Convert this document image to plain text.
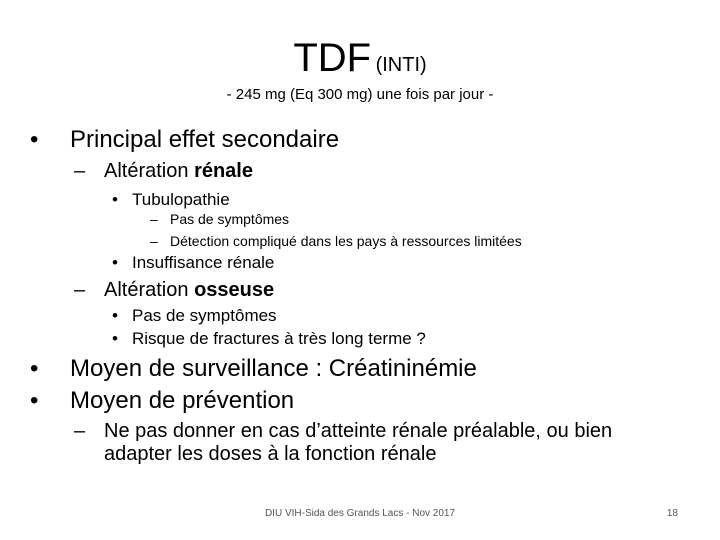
TDF (INTI)
- 245 mg (Eq 300 mg) une fois par jour -
• Principal effet secondaire
– Altération rénale
• Tubulopathie
– Pas de symptômes
– Détection compliqué dans les pays à ressources limitées
• Insuffisance rénale
– Altération osseuse
• Pas de symptômes
• Risque de fractures à très long terme ?
• Moyen de surveillance : Créatininémie
• Moyen de prévention
– Ne pas donner en cas d’atteinte rénale préalable, ou bien
adapter les doses à la fonction rénale
DIU VIH-Sida des Grands Lacs - Nov 2017	18
